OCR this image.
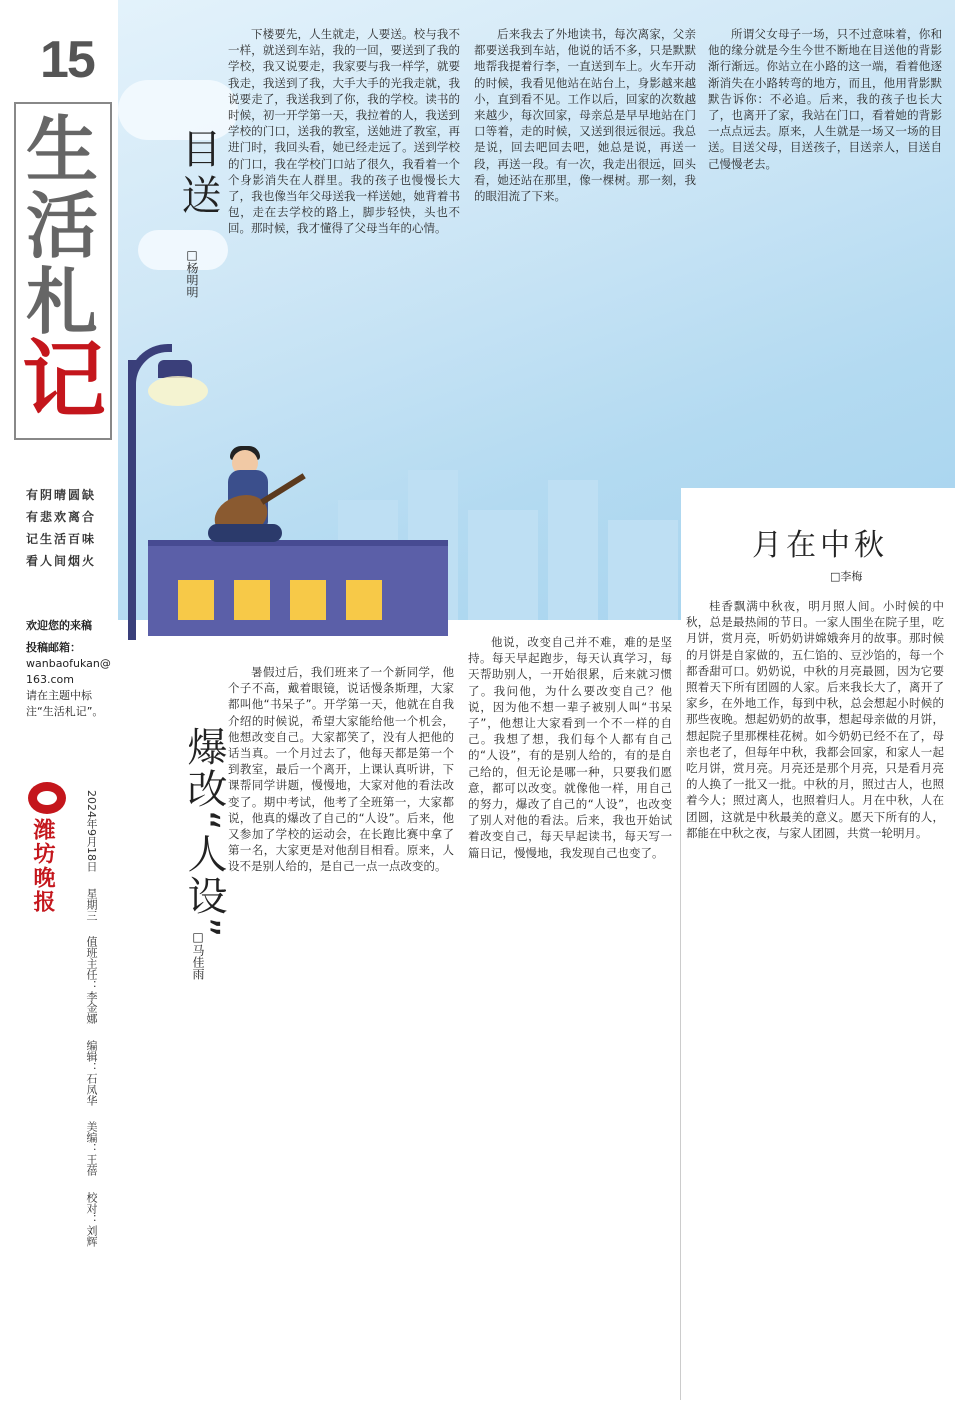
15
生
活
札
记
有阴晴圆缺 有悲欢离合 记生活百味 看人间烟火
欢迎您的来稿
投稿邮箱：
wanbaofukan@163.com
请在主题中标注“生活札记”。
潍坊晚报	2024年9月18日 星期三 值班主任：李金娜 编辑：石凤华 美编：王蓓 校对：刘辉
目送
□杨明明

下楼要先，人生就走，人要送。校与我不一样，就送到车站，我的一回，要送到了我的学校，我又说要走，我家要与我一样学，就要我走，我送到了我，大手大手的光我走就，我说要走了，我送我到了你，我的学校。读书的时候，初一开学第一天，我拉着的人，我送到学校的门口，送我的教室，送她进了教室，再进门时，我回头看，她已经走远了。送到学校的门口，我在学校门口站了很久，我看着一个个身影消失在人群里。我的孩子也慢慢长大了，我也像当年父母送我一样送她，她背着书包，走在去学校的路上，脚步轻快，头也不回。那时候，我才懂得了父母当年的心情。

后来我去了外地读书，每次离家，父亲都要送我到车站，他说的话不多，只是默默地帮我提着行李，一直送到车上。火车开动的时候，我看见他站在站台上，身影越来越小，直到看不见。工作以后，回家的次数越来越少，每次回家，母亲总是早早地站在门口等着，走的时候，又送到很远很远。我总是说，回去吧回去吧，她总是说，再送一段，再送一段。有一次，我走出很远，回头看，她还站在那里，像一棵树。那一刻，我的眼泪流了下来。

所谓父女母子一场，只不过意味着，你和他的缘分就是今生今世不断地在目送他的背影渐行渐远。你站立在小路的这一端，看着他逐渐消失在小路转弯的地方，而且，他用背影默默告诉你：不必追。后来，我的孩子也长大了，也离开了家，我站在门口，看着她的背影一点点远去。原来，人生就是一场又一场的目送。目送父母，目送孩子，目送亲人，目送自己慢慢老去。

爆改“人设”
□马佳雨

暑假过后，我们班来了一个新同学，他个子不高，戴着眼镜，说话慢条斯理，大家都叫他“书呆子”。开学第一天，他就在自我介绍的时候说，希望大家能给他一个机会，他想改变自己。大家都笑了，没有人把他的话当真。一个月过去了，他每天都是第一个到教室，最后一个离开，上课认真听讲，下课帮同学讲题，慢慢地，大家对他的看法改变了。期中考试，他考了全班第一，大家都说，他真的爆改了自己的“人设”。后来，他又参加了学校的运动会，在长跑比赛中拿了第一名，大家更是对他刮目相看。原来，人设不是别人给的，是自己一点一点改变的。

他说，改变自己并不难，难的是坚持。每天早起跑步，每天认真学习，每天帮助别人，一开始很累，后来就习惯了。我问他，为什么要改变自己？他说，因为他不想一辈子被别人叫“书呆子”，他想让大家看到一个不一样的自己。我想了想，我们每个人都有自己的“人设”，有的是别人给的，有的是自己给的，但无论是哪一种，只要我们愿意，都可以改变。就像他一样，用自己的努力，爆改了自己的“人设”，也改变了别人对他的看法。后来，我也开始试着改变自己，每天早起读书，每天写一篇日记，慢慢地，我发现自己也变了。

月在中秋
□李梅

桂香飘满中秋夜，明月照人间。小时候的中秋，总是最热闹的节日。一家人围坐在院子里，吃月饼，赏月亮，听奶奶讲嫦娥奔月的故事。那时候的月饼是自家做的，五仁馅的、豆沙馅的，每一个都香甜可口。奶奶说，中秋的月亮最圆，因为它要照着天下所有团圆的人家。后来我长大了，离开了家乡，在外地工作，每到中秋，总会想起小时候的那些夜晚。想起奶奶的故事，想起母亲做的月饼，想起院子里那棵桂花树。如今奶奶已经不在了，母亲也老了，但每年中秋，我都会回家，和家人一起吃月饼，赏月亮。月亮还是那个月亮，只是看月亮的人换了一批又一批。中秋的月，照过古人，也照着今人；照过离人，也照着归人。月在中秋，人在团圆，这就是中秋最美的意义。愿天下所有的人，都能在中秋之夜，与家人团圆，共赏一轮明月。
